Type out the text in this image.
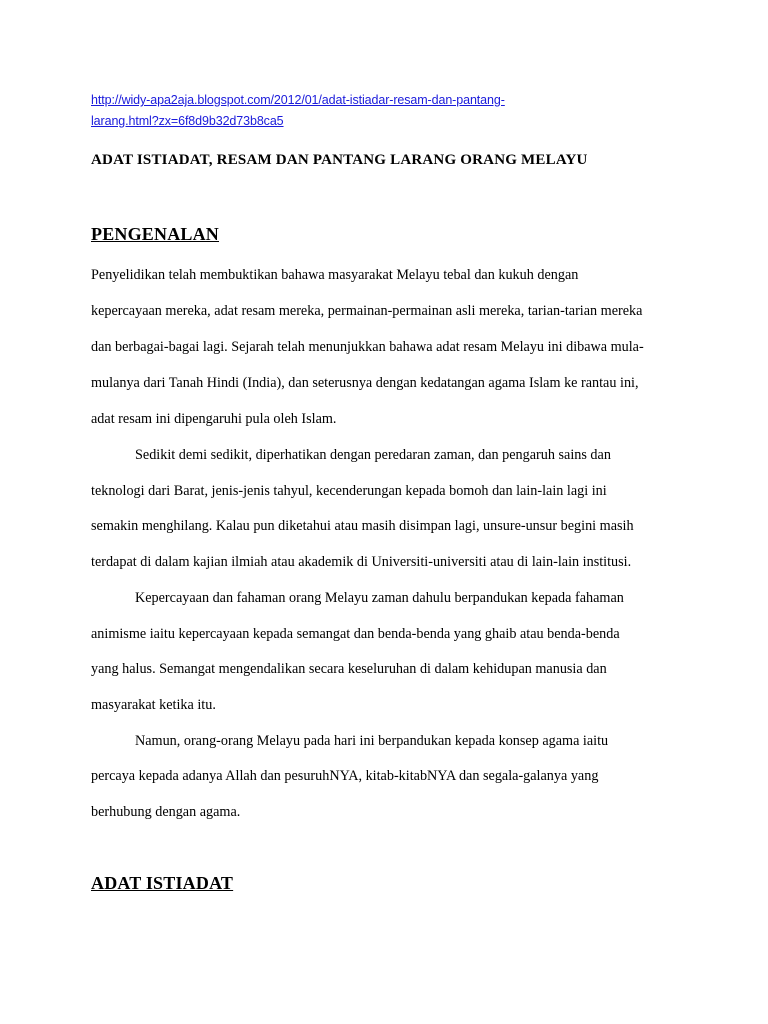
http://widy-apa2aja.blogspot.com/2012/01/adat-istiadar-resam-dan-pantang-
larang.html?zx=6f8d9b32d73b8ca5
ADAT ISTIADAT, RESAM DAN PANTANG LARANG ORANG MELAYU
PENGENALAN
Penyelidikan telah membuktikan bahawa masyarakat Melayu tebal dan kukuh dengan
kepercayaan mereka, adat resam mereka, permainan-permainan asli mereka, tarian-tarian mereka
dan berbagai-bagai lagi. Sejarah telah menunjukkan bahawa adat resam Melayu ini dibawa mula-
mulanya dari Tanah Hindi (India), dan seterusnya dengan kedatangan agama Islam ke rantau ini,
adat resam ini dipengaruhi pula oleh Islam.
Sedikit demi sedikit, diperhatikan dengan peredaran zaman, dan pengaruh sains dan
teknologi dari Barat, jenis-jenis tahyul, kecenderungan kepada bomoh dan lain-lain lagi ini
semakin menghilang. Kalau pun diketahui atau masih disimpan lagi, unsure-unsur begini masih
terdapat di dalam kajian ilmiah atau akademik di Universiti-universiti atau di lain-lain institusi.
Kepercayaan dan fahaman orang Melayu zaman dahulu berpandukan kepada fahaman
animisme iaitu kepercayaan kepada semangat dan benda-benda yang ghaib atau benda-benda
yang halus. Semangat mengendalikan secara keseluruhan di dalam kehidupan manusia dan
masyarakat ketika itu.
Namun, orang-orang Melayu pada hari ini berpandukan kepada konsep agama iaitu
percaya kepada adanya Allah dan pesuruhNYA, kitab-kitabNYA dan segala-galanya yang
berhubung dengan agama.
ADAT ISTIADAT
